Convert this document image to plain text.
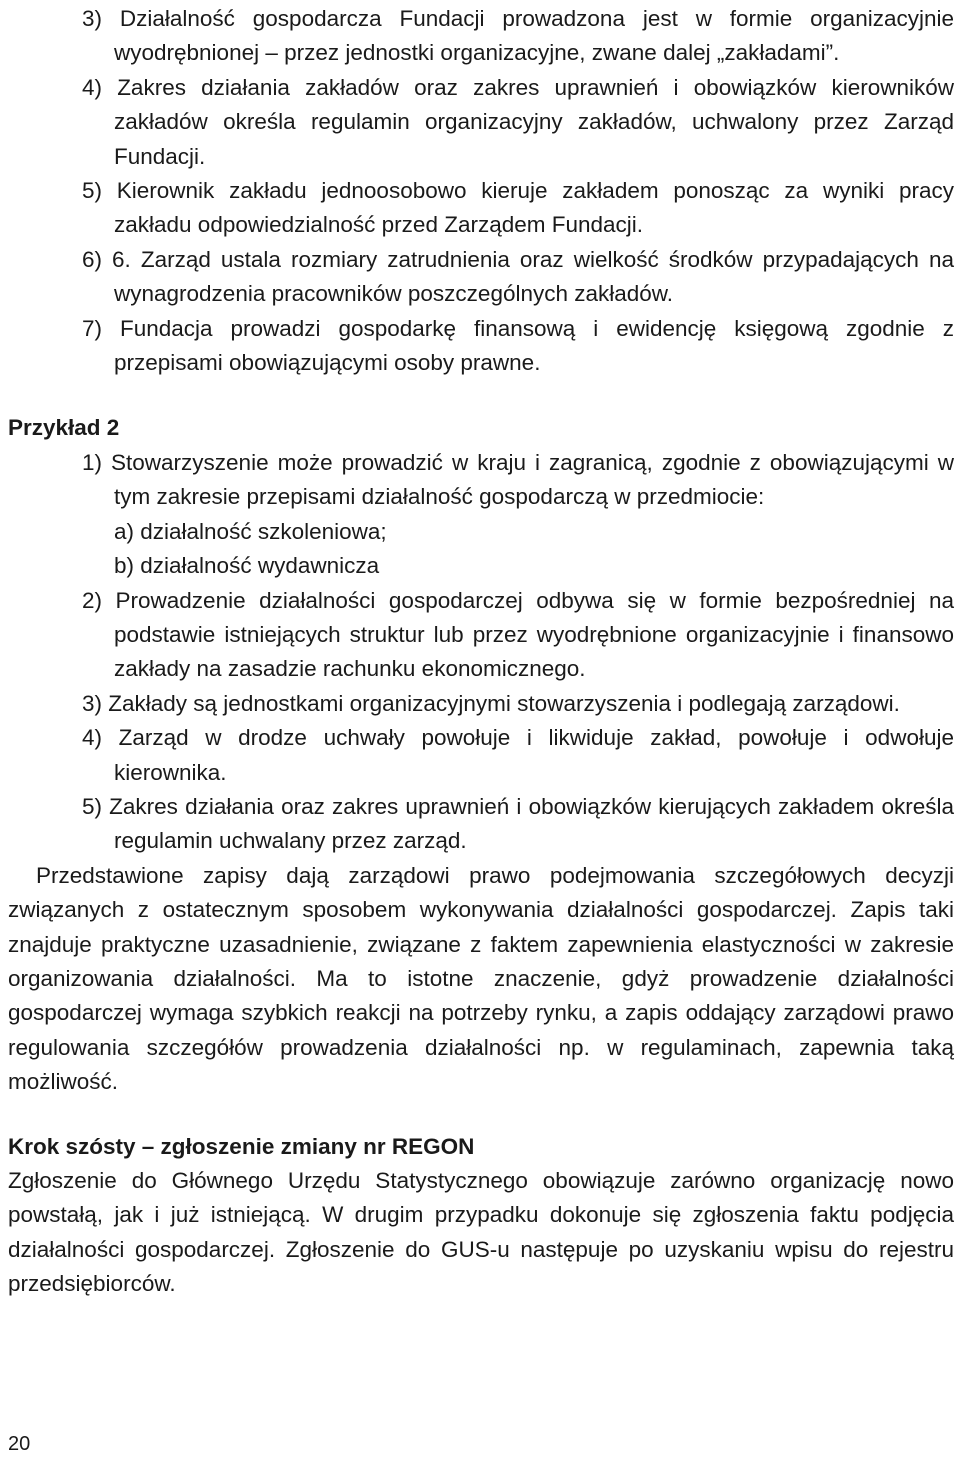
3) Działalność gospodarcza Fundacji prowadzona jest w formie organizacyjnie wyodrębnionej – przez jednostki organizacyjne, zwane dalej „zakładami”.

4) Zakres działania zakładów oraz zakres uprawnień i obowiązków kierowników zakładów określa regulamin organizacyjny zakładów, uchwalony przez Zarząd Fundacji.

5) Kierownik zakładu jednoosobowo kieruje zakładem ponosząc za wyniki pracy zakładu odpowiedzialność przed Zarządem Fundacji.

6) 6. Zarząd ustala rozmiary zatrudnienia oraz wielkość środków przypadających na wynagrodzenia pracowników poszczególnych zakładów.

7) Fundacja prowadzi gospodarkę finansową i ewidencję księgową zgodnie z przepisami obowiązującymi osoby prawne.

Przykład 2

1) Stowarzyszenie może prowadzić w kraju i zagranicą, zgodnie z obowiązującymi w tym zakresie przepisami działalność gospodarczą w przedmiocie:

a) działalność szkoleniowa;

b) działalność wydawnicza

2) Prowadzenie działalności gospodarczej odbywa się w formie bezpośredniej na podstawie istniejących struktur lub przez wyodrębnione organizacyjnie i finansowo zakłady na zasadzie rachunku ekonomicznego.

3) Zakłady są jednostkami organizacyjnymi stowarzyszenia i podlegają zarządowi.

4) Zarząd w drodze uchwały powołuje i likwiduje zakład, powołuje i odwołuje kierownika.

5) Zakres działania oraz zakres uprawnień i obowiązków kierujących zakładem określa regulamin uchwalany przez zarząd.

Przedstawione zapisy dają zarządowi prawo podejmowania szczegółowych decyzji związanych z ostatecznym sposobem wykonywania działalności gospodarczej. Zapis taki znajduje praktyczne uzasadnienie, związane z faktem zapewnienia elastyczności w zakresie organizowania działalności. Ma to istotne znaczenie, gdyż prowadzenie działalności gospodarczej wymaga szybkich reakcji na potrzeby rynku, a zapis oddający zarządowi prawo regulowania szczegółów prowadzenia działalności np. w regulaminach, zapewnia taką możliwość.

Krok szósty – zgłoszenie zmiany nr REGON

Zgłoszenie do Głównego Urzędu Statystycznego obowiązuje zarówno organizację nowo powstałą, jak i już istniejącą. W drugim przypadku dokonuje się zgłoszenia faktu podjęcia działalności gospodarczej. Zgłoszenie do GUS-u następuje po uzyskaniu wpisu do rejestru przedsiębiorców.

20
